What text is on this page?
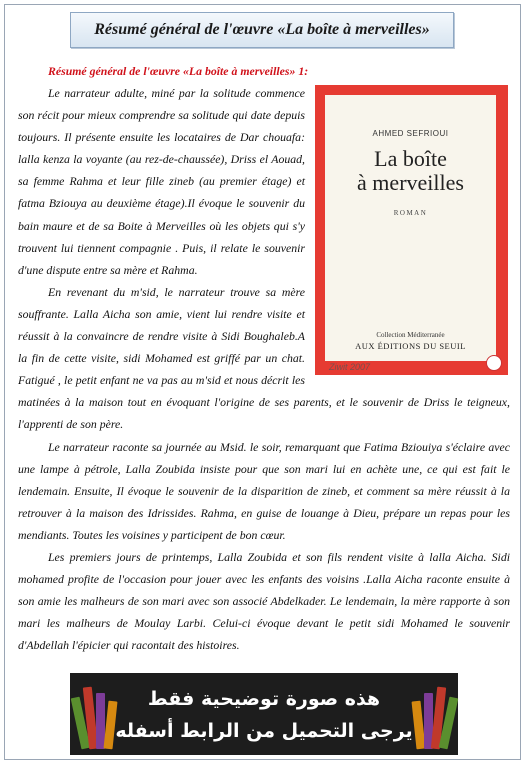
Résumé général de l'œuvre «La boîte à merveilles»
Résumé général de l'œuvre «La boîte à merveilles» 1:
AHMED SEFRIOUI
La boîte
à merveilles
ROMAN
Collection Méditerranée
AUX ÉDITIONS DU SEUIL
Ziwit 2007

Le narrateur adulte, miné par la solitude commence son récit pour mieux comprendre sa solitude qui date depuis toujours. Il présente ensuite les locataires de Dar chouafa: lalla kenza la voyante (au rez-de-chaussée), Driss el Aouad, sa femme Rahma et leur fille zineb (au premier étage) et fatma Bziouya au deuxième étage).Il évoque le souvenir du bain maure et de sa Boite à Merveilles où les objets qui s'y trouvent lui tiennent compagnie . Puis, il relate le souvenir d'une dispute entre sa mère et Rahma.

En revenant du m'sid, le narrateur trouve sa mère souffrante. Lalla Aicha son amie, vient lui rendre visite et réussit à la convaincre de rendre visite à Sidi Boughaleb.A la fin de cette visite, sidi Mohamed est griffé par un chat. Fatigué , le petit enfant ne va pas au m'sid et nous décrit les matinées à la maison tout en évoquant l'origine de ses parents, et le souvenir de Driss le teigneux, l'apprenti de son père.

Le narrateur raconte sa journée au Msid. le soir, remarquant que Fatima Bziouiya s'éclaire avec une lampe à pétrole, Lalla Zoubida insiste pour que son mari lui en achète une, ce qui est fait le lendemain. Ensuite, Il évoque le souvenir de la disparition de zineb, et comment sa mère réussit à la retrouver à la maison des Idrissides. Rahma, en guise de louange à Dieu, prépare un repas pour les mendiants. Toutes les voisines y participent de bon cœur.

Les premiers jours de printemps, Lalla Zoubida et son fils rendent visite à lalla Aicha. Sidi mohamed profite de l'occasion pour jouer avec les enfants des voisins .Lalla Aicha raconte ensuite à son amie les malheurs de son mari avec son associé Abdelkader. Le lendemain, la mère rapporte à son mari les malheurs de Moulay Larbi. Celui-ci évoque devant le petit sidi Mohamed le souvenir d'Abdellah l'épicier qui racontait des histoires.

هذه صورة توضيحية فقط
يرجى التحميل من الرابط أسفله
